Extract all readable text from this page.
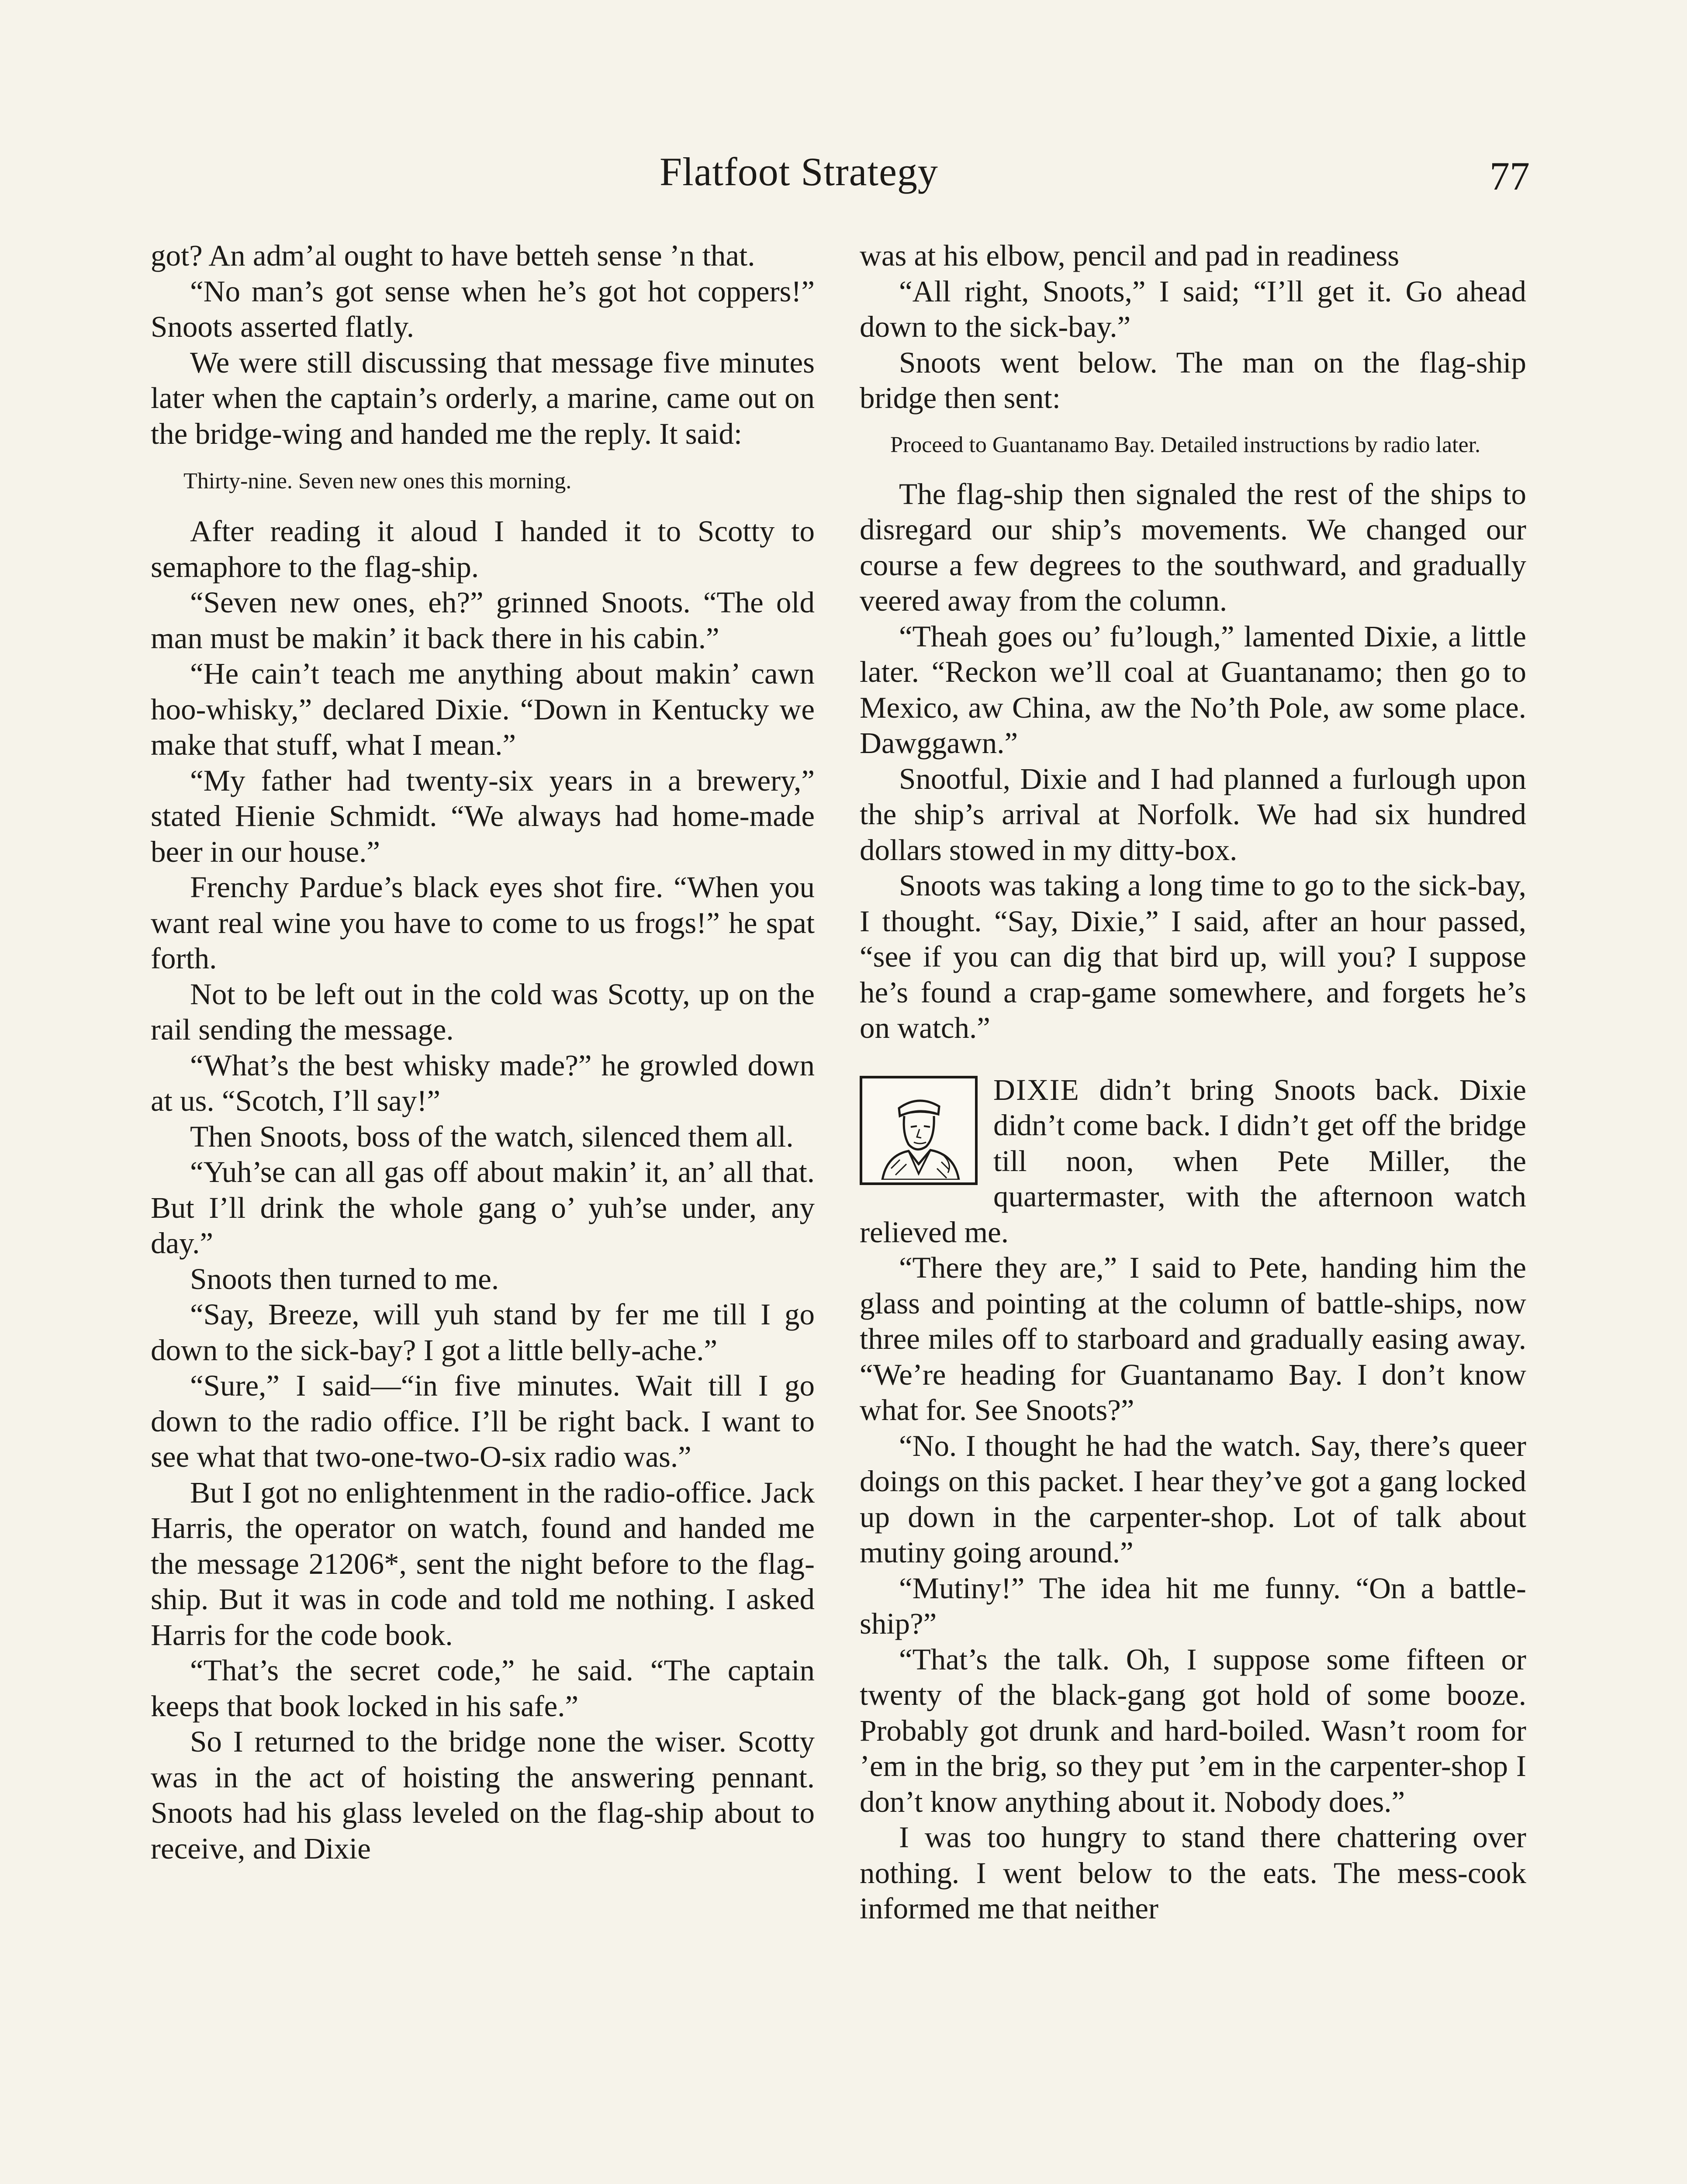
Flatfoot Strategy	77

got? An adm’al ought to have betteh sense ’n that.

“No man’s got sense when he’s got hot coppers!” Snoots asserted flatly.

We were still discussing that message five minutes later when the captain’s orderly, a marine, came out on the bridge-wing and handed me the reply. It said:

Thirty-nine. Seven new ones this morning.

After reading it aloud I handed it to Scotty to semaphore to the flag-ship.

“Seven new ones, eh?” grinned Snoots. “The old man must be makin’ it back there in his cabin.”

“He cain’t teach me anything about makin’ cawn hoo-whisky,” declared Dixie. “Down in Kentucky we make that stuff, what I mean.”

“My father had twenty-six years in a brewery,” stated Hienie Schmidt. “We always had home-made beer in our house.”

Frenchy Pardue’s black eyes shot fire. “When you want real wine you have to come to us frogs!” he spat forth.

Not to be left out in the cold was Scotty, up on the rail sending the message.

“What’s the best whisky made?” he growled down at us. “Scotch, I’ll say!”

Then Snoots, boss of the watch, silenced them all.

“Yuh’se can all gas off about makin’ it, an’ all that. But I’ll drink the whole gang o’ yuh’se under, any day.”

Snoots then turned to me.

“Say, Breeze, will yuh stand by fer me till I go down to the sick-bay? I got a little belly-ache.”

“Sure,” I said—“in five minutes. Wait till I go down to the radio office. I’ll be right back. I want to see what that two-one-two-O-six radio was.”

But I got no enlightenment in the radio-office. Jack Harris, the operator on watch, found and handed me the message 21206*, sent the night before to the flag-ship. But it was in code and told me nothing. I asked Harris for the code book.

“That’s the secret code,” he said. “The captain keeps that book locked in his safe.”

So I returned to the bridge none the wiser. Scotty was in the act of hoisting the answering pennant. Snoots had his glass leveled on the flag-ship about to receive, and Dixie

was at his elbow, pencil and pad in readiness

“All right, Snoots,” I said; “I’ll get it. Go ahead down to the sick-bay.”

Snoots went below. The man on the flag-ship bridge then sent:

Proceed to Guantanamo Bay. Detailed instructions by radio later.

The flag-ship then signaled the rest of the ships to disregard our ship’s movements. We changed our course a few degrees to the southward, and gradually veered away from the column.

“Theah goes ou’ fu’lough,” lamented Dixie, a little later. “Reckon we’ll coal at Guantanamo; then go to Mexico, aw China, aw the No’th Pole, aw some place. Dawggawn.”

Snootful, Dixie and I had planned a furlough upon the ship’s arrival at Norfolk. We had six hundred dollars stowed in my ditty-box.

Snoots was taking a long time to go to the sick-bay, I thought. “Say, Dixie,” I said, after an hour passed, “see if you can dig that bird up, will you? I suppose he’s found a crap-game somewhere, and forgets he’s on watch.”

DIXIE didn’t bring Snoots back. Dixie didn’t come back. I didn’t get off the bridge till noon, when Pete Miller, the quartermaster, with the afternoon watch relieved me.

“There they are,” I said to Pete, handing him the glass and pointing at the column of battle-ships, now three miles off to starboard and gradually easing away. “We’re heading for Guantanamo Bay. I don’t know what for. See Snoots?”

“No. I thought he had the watch. Say, there’s queer doings on this packet. I hear they’ve got a gang locked up down in the carpenter-shop. Lot of talk about mutiny going around.”

“Mutiny!” The idea hit me funny. “On a battle-ship?”

“That’s the talk. Oh, I suppose some fifteen or twenty of the black-gang got hold of some booze. Probably got drunk and hard-boiled. Wasn’t room for ’em in the brig, so they put ’em in the carpenter-shop I don’t know anything about it. Nobody does.”

I was too hungry to stand there chattering over nothing. I went below to the eats. The mess-cook informed me that neither
